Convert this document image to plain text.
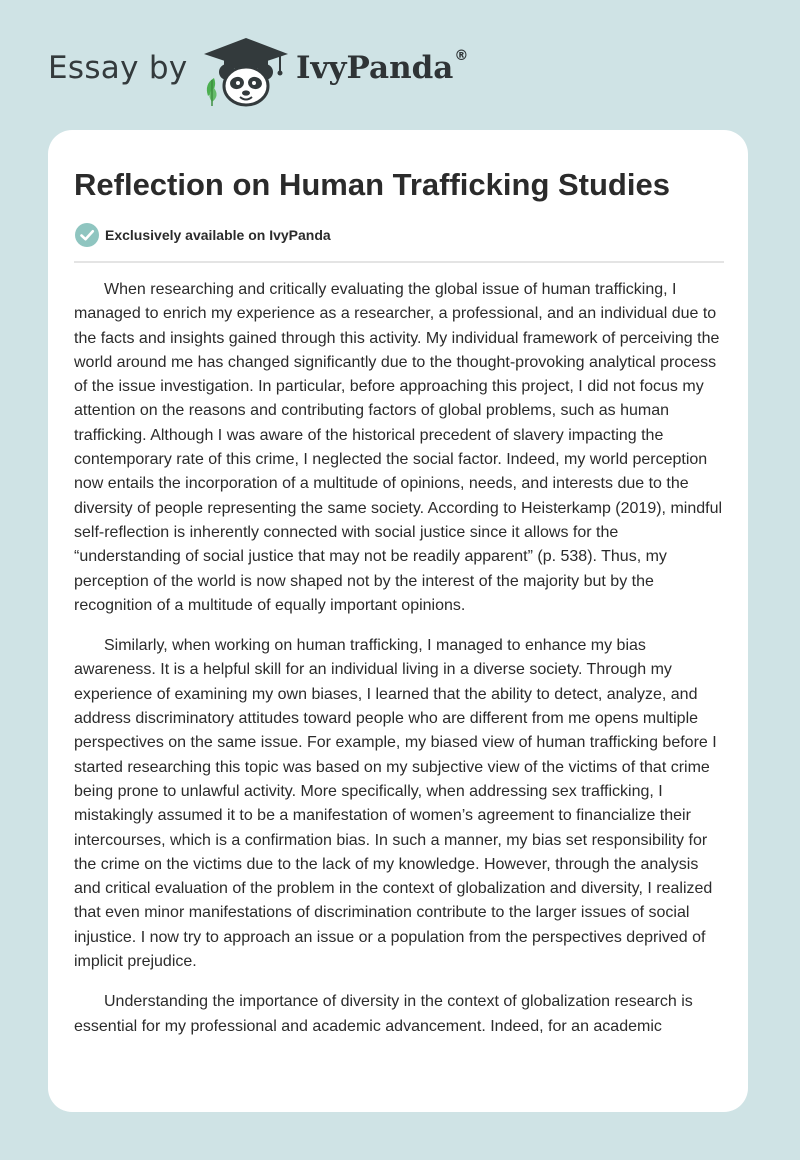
Essay by	IvyPanda®
Reflection on Human Trafficking Studies
Exclusively available on IvyPanda

When researching and critically evaluating the global issue of human trafficking, I managed to enrich my experience as a researcher, a professional, and an individual due to the facts and insights gained through this activity. My individual framework of perceiving the world around me has changed significantly due to the thought-provoking analytical process of the issue investigation. In particular, before approaching this project, I did not focus my attention on the reasons and contributing factors of global problems, such as human trafficking. Although I was aware of the historical precedent of slavery impacting the contemporary rate of this crime, I neglected the social factor. Indeed, my world perception now entails the incorporation of a multitude of opinions, needs, and interests due to the diversity of people representing the same society. According to Heisterkamp (2019), mindful self-reflection is inherently connected with social justice since it allows for the “understanding of social justice that may not be readily apparent” (p. 538). Thus, my perception of the world is now shaped not by the interest of the majority but by the recognition of a multitude of equally important opinions.

Similarly, when working on human trafficking, I managed to enhance my bias awareness. It is a helpful skill for an individual living in a diverse society. Through my experience of examining my own biases, I learned that the ability to detect, analyze, and address discriminatory attitudes toward people who are different from me opens multiple perspectives on the same issue. For example, my biased view of human trafficking before I started researching this topic was based on my subjective view of the victims of that crime being prone to unlawful activity. More specifically, when addressing sex trafficking, I mistakingly assumed it to be a manifestation of women’s agreement to financialize their intercourses, which is a confirmation bias. In such a manner, my bias set responsibility for the crime on the victims due to the lack of my knowledge. However, through the analysis and critical evaluation of the problem in the context of globalization and diversity, I realized that even minor manifestations of discrimination contribute to the larger issues of social injustice. I now try to approach an issue or a population from the perspectives deprived of implicit prejudice.

Understanding the importance of diversity in the context of globalization research is essential for my professional and academic advancement. Indeed, for an academic
